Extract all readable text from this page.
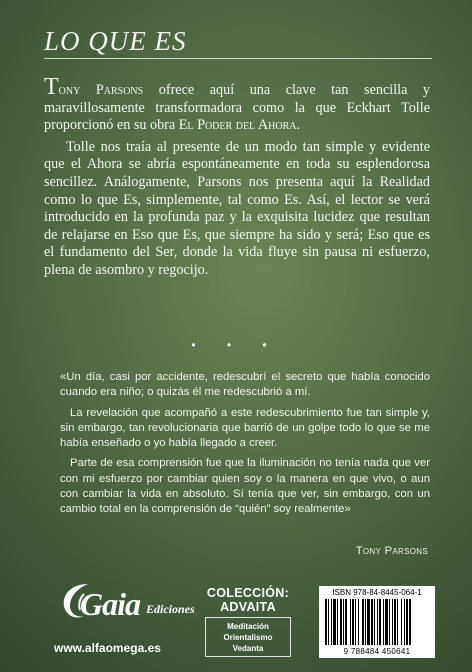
LO QUE ES

Tony Parsons ofrece aquí una clave tan sencilla y maravillosamente transformadora como la que Eckhart Tolle proporcionó en su obra El Poder del Ahora.

Tolle nos traía al presente de un modo tan simple y evidente que el Ahora se abría espontáneamente en toda su esplendorosa sencillez. Análogamente, Parsons nos presenta aquí la Realidad como lo que Es, simplemente, tal como Es. Así, el lector se verá introducido en la profunda paz y la exquisita lucidez que resultan de relajarse en Eso que Es, que siempre ha sido y será; Eso que es el fundamento del Ser, donde la vida fluye sin pausa ni esfuerzo, plena de asombro y regocijo.

• • •

«Un día, casi por accidente, redescubrí el secreto que había conocido cuando era niño; o quizás él me redescubrió a mí.

La revelación que acompañó a este redescubrimiento fue tan simple y, sin embargo, tan revolucionaria que barrió de un golpe todo lo que se me había enseñado o yo había llegado a creer.

Parte de esa comprensión fue que la iluminación no tenía nada que ver con mi esfuerzo por cambiar quien soy o la manera en que vivo, o aun con cambiar la vida en absoluto. Sí tenía que ver, sin embargo, con un cambio total en la comprensión de “quién” soy realmente»

Tony Parsons
Gaia Ediciones
www.alfaomega.es
COLECCIÓN:
ADVAITA
Meditación
Orientalismo
Vedanta
ISBN 978-84-8445-064-1
9 788484 450641
